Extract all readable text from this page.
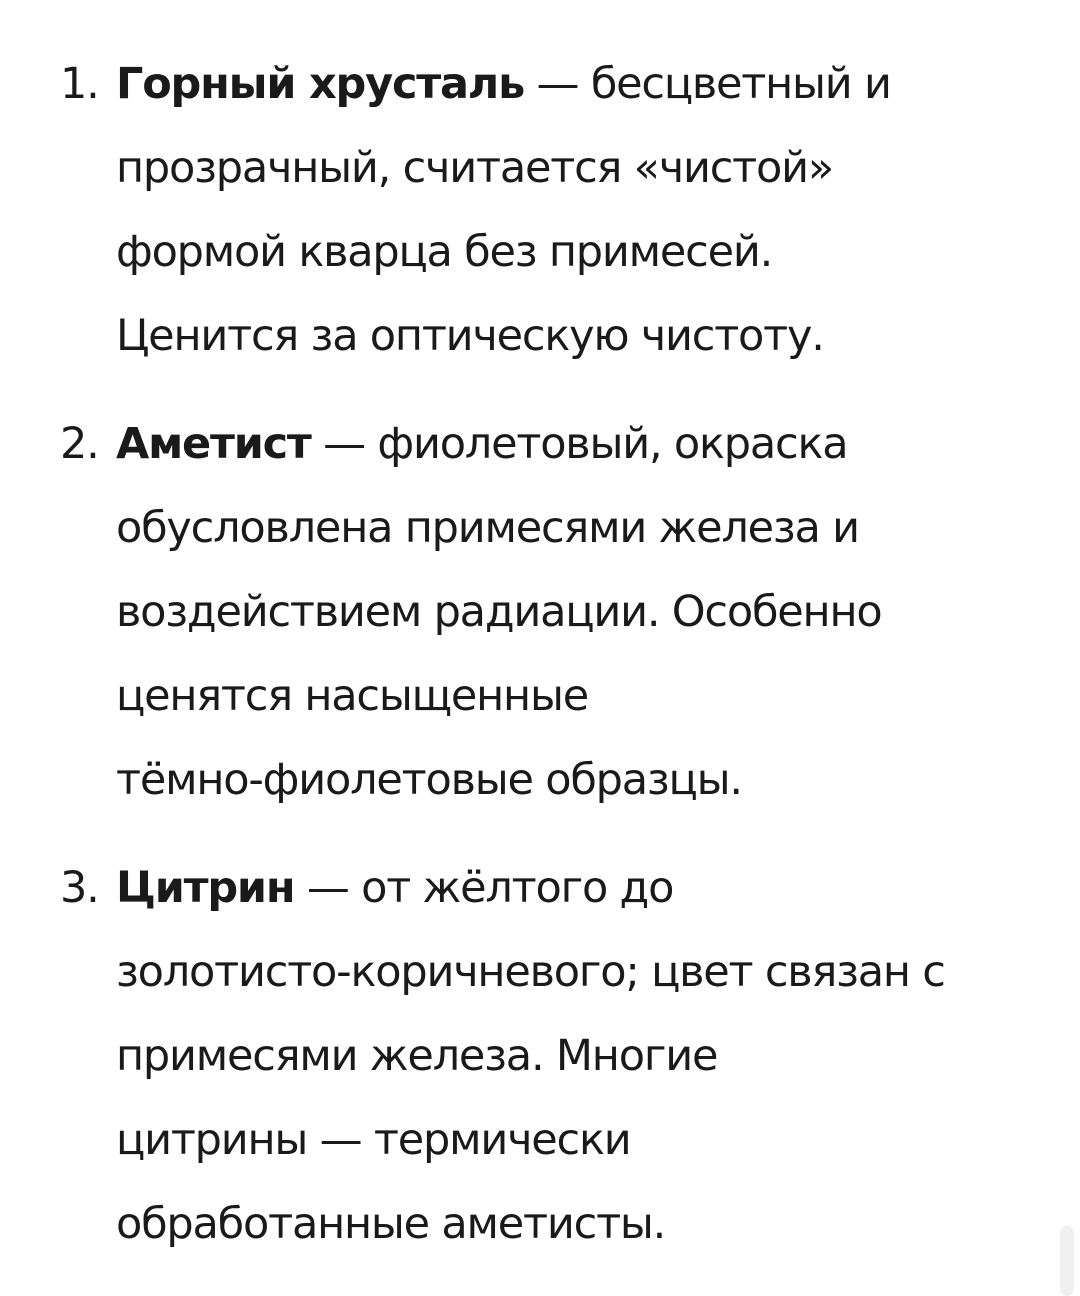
1. Горный хрусталь — бесцветный и
прозрачный, считается «чистой»
формой кварца без примесей.
Ценится за оптическую чистоту.
2. Аметист — фиолетовый, окраска
обусловлена примесями железа и
воздействием радиации. Особенно
ценятся насыщенные
тёмно-фиолетовые образцы.
3. Цитрин — от жёлтого до
золотисто-коричневого; цвет связан с
примесями железа. Многие
цитрины — термически
обработанные аметисты.
